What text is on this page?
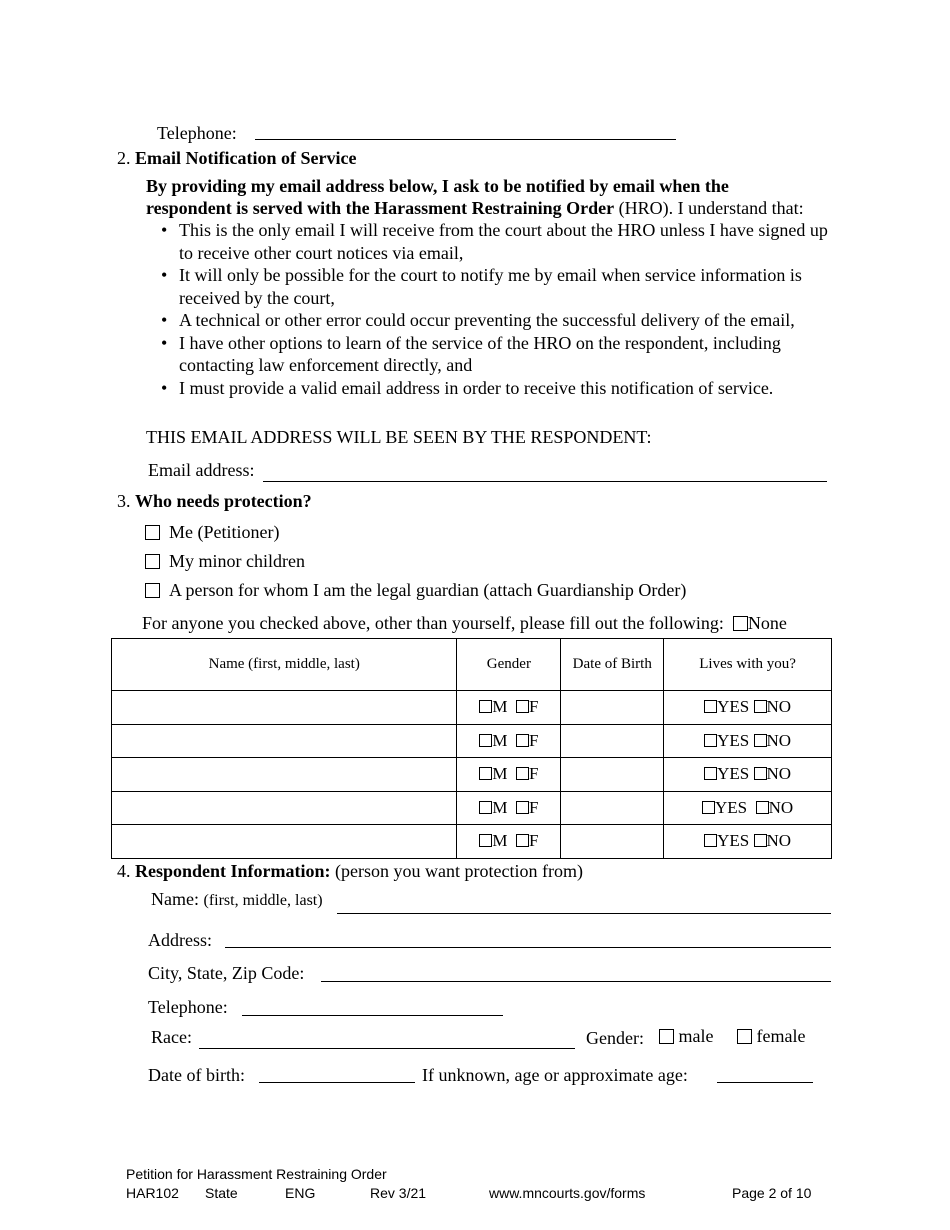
Telephone:
2. Email Notification of Service
By providing my email address below, I ask to be notified by email when the
respondent is served with the Harassment Restraining Order (HRO). I understand that:
• This is the only email I will receive from the court about the HRO unless I have signed up to receive other court notices via email,
• It will only be possible for the court to notify me by email when service information is received by the court,
• A technical or other error could occur preventing the successful delivery of the email,
• I have other options to learn of the service of the HRO on the respondent, including contacting law enforcement directly, and
• I must provide a valid email address in order to receive this notification of service.
THIS EMAIL ADDRESS WILL BE SEEN BY THE RESPONDENT:
Email address:
3. Who needs protection?
Me (Petitioner)
My minor children
A person for whom I am the legal guardian (attach Guardianship Order)
For anyone you checked above, other than yourself, please fill out the following: None
Name (first, middle, last)	Gender	Date of Birth	Lives with you?
	M F		YES NO
	M F		YES NO
	M F		YES NO
	M F		YES NO
	M F		YES NO
4. Respondent Information: (person you want protection from)
Name: (first, middle, last)
Address:
City, State, Zip Code:
Telephone:
Race:	Gender:	male	female
Date of birth:	If unknown, age or approximate age:
Petition for Harassment Restraining Order
HAR102 State	ENG	Rev 3/21	www.mncourts.gov/forms	Page 2 of 10
